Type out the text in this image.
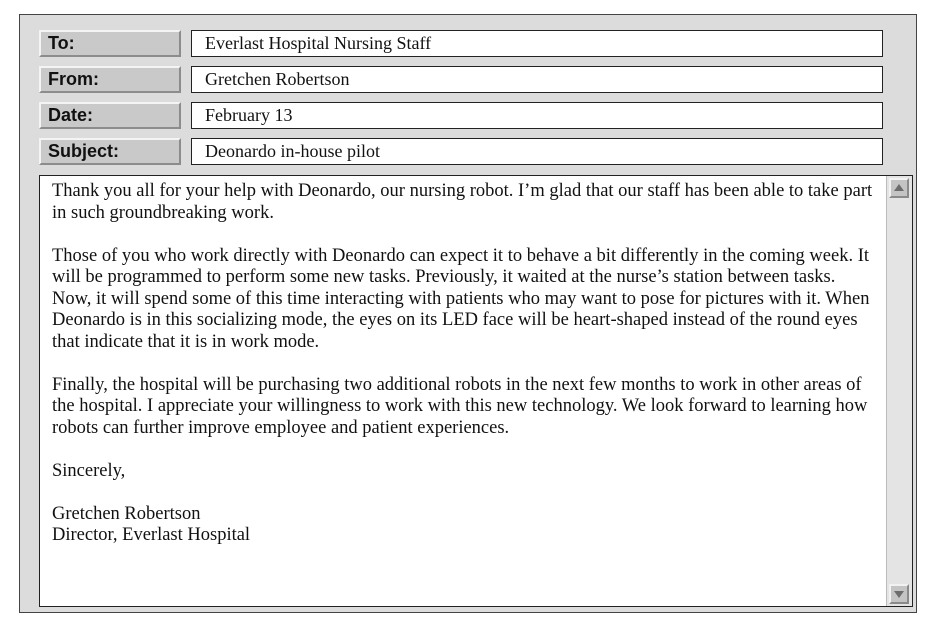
To:	Everlast Hospital Nursing Staff
From:	Gretchen Robertson
Date:	February 13
Subject:	Deonardo in-house pilot

Thank you all for your help with Deonardo, our nursing robot. I’m glad that our staff has been able to take part in such groundbreaking work.

Those of you who work directly with Deonardo can expect it to behave a bit differently in the coming week. It will be programmed to perform some new tasks. Previously, it waited at the nurse’s station between tasks. Now, it will spend some of this time interacting with patients who may want to pose for pictures with it. When Deonardo is in this socializing mode, the eyes on its LED face will be heart-shaped instead of the round eyes that indicate that it is in work mode.

Finally, the hospital will be purchasing two additional robots in the next few months to work in other areas of the hospital. I appreciate your willingness to work with this new technology. We look forward to learning how robots can further improve employee and patient experiences.

Sincerely,

Gretchen Robertson
Director, Everlast Hospital
